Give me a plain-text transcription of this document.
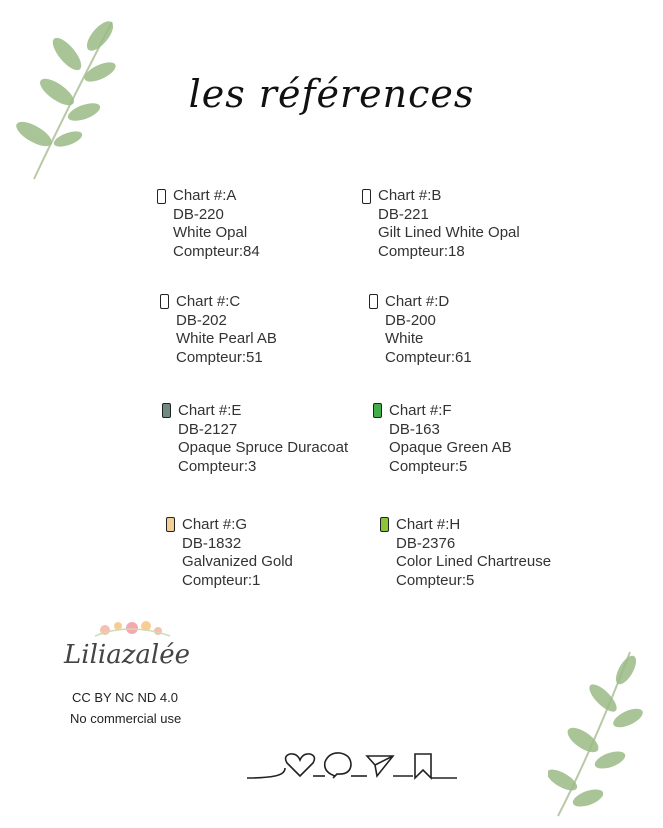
les références
Chart #:A
DB-220
White Opal
Compteur:84
Chart #:B
DB-221
Gilt Lined White Opal
Compteur:18
Chart #:C
DB-202
White Pearl AB
Compteur:51
Chart #:D
DB-200
White
Compteur:61
Chart #:E
DB-2127
Opaque Spruce Duracoat
Compteur:3
Chart #:F
DB-163
Opaque Green AB
Compteur:5
Chart #:G
DB-1832
Galvanized Gold
Compteur:1
Chart #:H
DB-2376
Color Lined Chartreuse
Compteur:5
Liliazalée
CC BY NC ND 4.0
No commercial use
